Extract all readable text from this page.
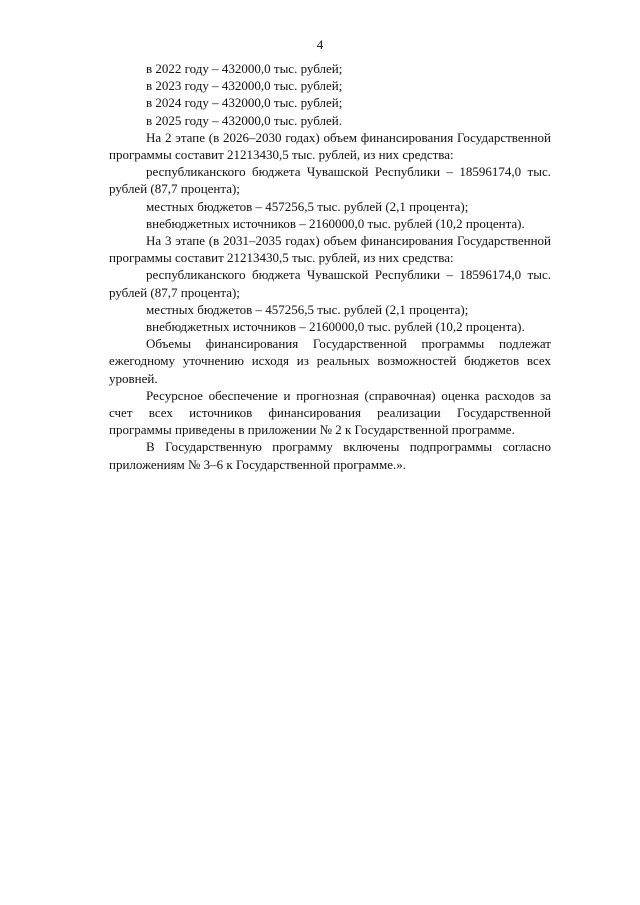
4

в 2022 году – 432000,0 тыс. рублей;

в 2023 году – 432000,0 тыс. рублей;

в 2024 году – 432000,0 тыс. рублей;

в 2025 году – 432000,0 тыс. рублей.

На 2 этапе (в 2026–2030 годах) объем финансирования Государственной программы составит 21213430,5 тыс. рублей, из них средства:

республиканского бюджета Чувашской Республики – 18596174,0 тыс. рублей (87,7 процента);

местных бюджетов – 457256,5 тыс. рублей (2,1 процента);

внебюджетных источников – 2160000,0 тыс. рублей (10,2 процента).

На 3 этапе (в 2031–2035 годах) объем финансирования Государственной программы составит 21213430,5 тыс. рублей, из них средства:

республиканского бюджета Чувашской Республики – 18596174,0 тыс. рублей (87,7 процента);

местных бюджетов – 457256,5 тыс. рублей (2,1 процента);

внебюджетных источников – 2160000,0 тыс. рублей (10,2 процента).

Объемы финансирования Государственной программы подлежат ежегодному уточнению исходя из реальных возможностей бюджетов всех уровней.

Ресурсное обеспечение и прогнозная (справочная) оценка расходов за счет всех источников финансирования реализации Государственной программы приведены в приложении № 2 к Государственной программе.

В Государственную программу включены подпрограммы согласно приложениям № 3–6 к Государственной программе.».
